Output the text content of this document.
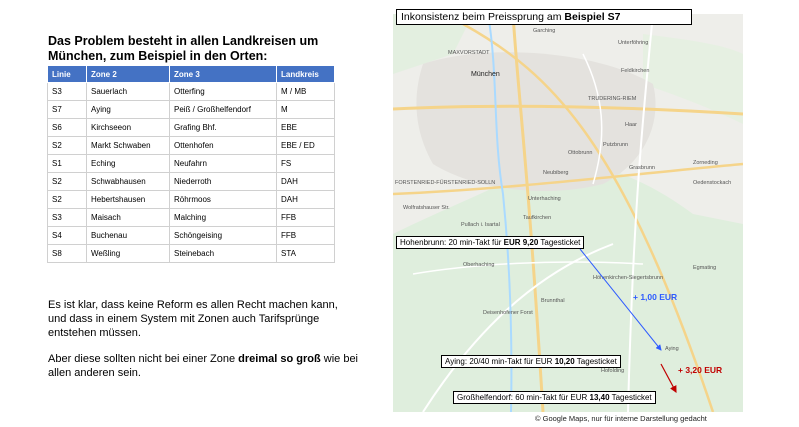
Das Problem besteht in allen Landkreisen um München, zum Beispiel in den Orten:
Linie	Zone 2	Zone 3	Landkreis
S3	Sauerlach	Otterfing	M / MB
S7	Aying	Peiß / Großhelfendorf	M
S6	Kirchseeon	Grafing Bhf.	EBE
S2	Markt Schwaben	Ottenhofen	EBE / ED
S1	Eching	Neufahrn	FS
S2	Schwabhausen	Niederroth	DAH
S2	Hebertshausen	Röhrmoos	DAH
S3	Maisach	Malching	FFB
S4	Buchenau	Schöngeising	FFB
S8	Weßling	Steinebach	STA
Es ist klar, dass keine Reform es allen Recht machen kann, und dass in einem System mit Zonen auch Tarifsprünge entstehen müssen.
Aber diese sollten nicht bei einer Zone dreimal so groß wie bei allen anderen sein.
München
MAXVORSTADT
Garching
Unterföhring
Feldkirchen
TRUDERING-RIEM
Haar
Putzbrunn
Ottobrunn
Neubiberg
Grasbrunn
Unterhaching
FORSTENRIED-FÜRSTENRIED-SOLLN
Wolfratshauser Str.
Pullach i. Isartal
Taufkirchen
Oberhaching
Zorneding
Oedenstockach
Höhenkirchen-Siegertsbrunn
Brunnthal
Egmating
Deisenhofener Forst
Aying
Hofolding
Inkonsistenz beim Preissprung am Beispiel S7
Hohenbrunn: 20 min-Takt für EUR 9,20 Tagesticket
Aying: 20/40 min-Takt für EUR 10,20 Tagesticket
Großhelfendorf: 60 min-Takt für EUR 13,40 Tagesticket
+ 1,00 EUR
+ 3,20 EUR
© Google Maps, nur für interne Darstellung gedacht
